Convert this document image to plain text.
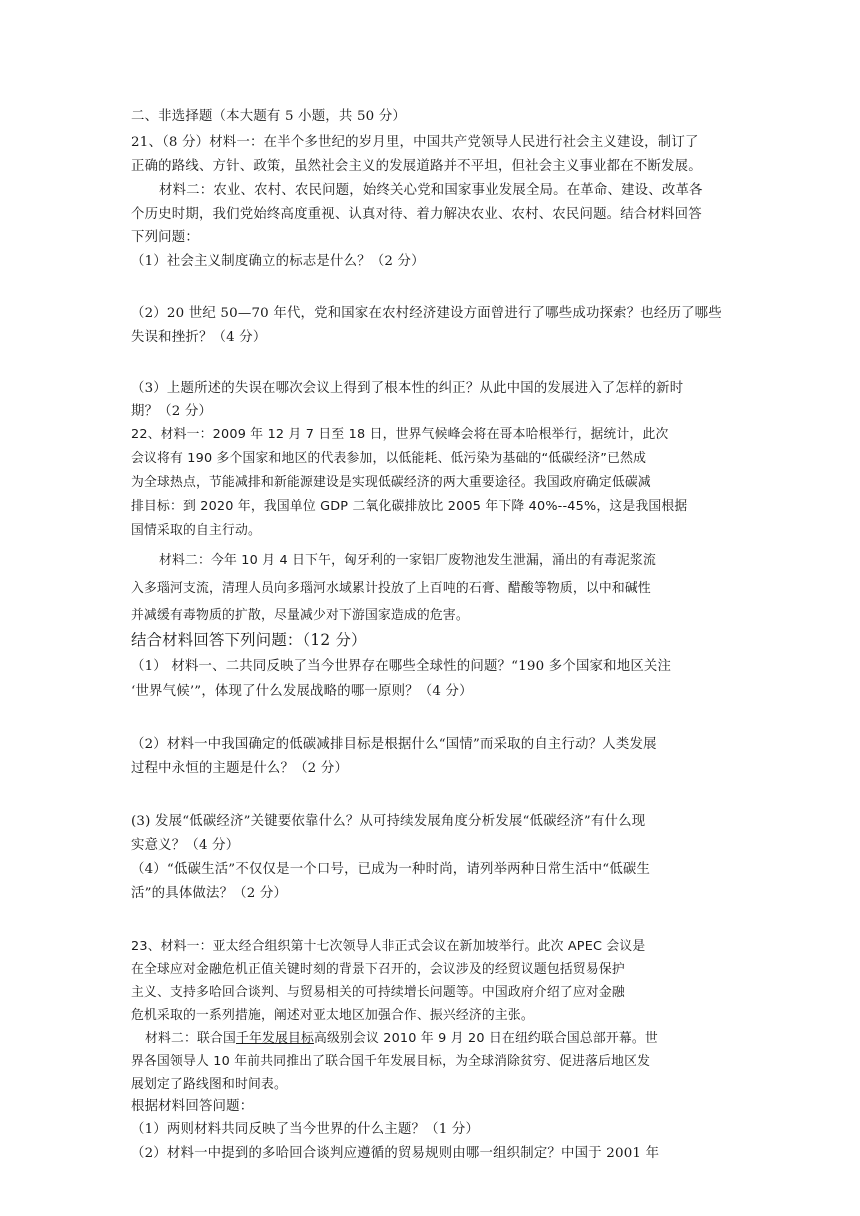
二、非选择题（本大题有 5 小题，共 50 分）
21、（8 分）材料一：在半个多世纪的岁月里，中国共产党领导人民进行社会主义建设，制订了
正确的路线、方针、政策，虽然社会主义的发展道路并不平坦，但社会主义事业都在不断发展。
材料二：农业、农村、农民问题，始终关心党和国家事业发展全局。在革命、建设、改革各
个历史时期，我们党始终高度重视、认真对待、着力解决农业、农村、农民问题。结合材料回答
下列问题：
（1）社会主义制度确立的标志是什么？（2 分）
（2）20 世纪 50—70 年代，党和国家在农村经济建设方面曾进行了哪些成功探索？也经历了哪些
失误和挫折？（4 分）
（3）上题所述的失误在哪次会议上得到了根本性的纠正？从此中国的发展进入了怎样的新时
期？（2 分）
22、材料一：2009 年 12 月 7 日至 18 日，世界气候峰会将在哥本哈根举行，据统计，此次
会议将有 190 多个国家和地区的代表参加，以低能耗、低污染为基础的“低碳经济”已然成
为全球热点，节能减排和新能源建设是实现低碳经济的两大重要途径。我国政府确定低碳减
排目标：到 2020 年，我国单位 GDP 二氧化碳排放比 2005 年下降 40%--45%，这是我国根据
国情采取的自主行动。
材料二：今年 10 月 4 日下午，匈牙利的一家铝厂废物池发生泄漏，涌出的有毒泥浆流
入多瑙河支流，清理人员向多瑙河水域累计投放了上百吨的石膏、醋酸等物质，以中和碱性
并减缓有毒物质的扩散，尽量减少对下游国家造成的危害。
结合材料回答下列问题：（12 分）
（1） 材料一、二共同反映了当今世界存在哪些全球性的问题？“190 多个国家和地区关注
‘世界气候’”，体现了什么发展战略的哪一原则？（4 分）
（2）材料一中我国确定的低碳减排目标是根据什么“国情”而采取的自主行动？人类发展
过程中永恒的主题是什么？（2 分）
(3) 发展“低碳经济”关键要依靠什么？从可持续发展角度分析发展“低碳经济”有什么现
实意义？（4 分）
（4）“低碳生活”不仅仅是一个口号，已成为一种时尚，请列举两种日常生活中“低碳生
活”的具体做法？（2 分）
23、材料一：亚太经合组织第十七次领导人非正式会议在新加坡举行。此次 APEC 会议是
在全球应对金融危机正值关键时刻的背景下召开的，会议涉及的经贸议题包括贸易保护
主义、支持多哈回合谈判、与贸易相关的可持续增长问题等。中国政府介绍了应对金融
危机采取的一系列措施，阐述对亚太地区加强合作、振兴经济的主张。
材料二：联合国千年发展目标高级别会议 2010 年 9 月 20 日在纽约联合国总部开幕。世
界各国领导人 10 年前共同推出了联合国千年发展目标，为全球消除贫穷、促进落后地区发
展划定了路线图和时间表。
根据材料回答问题：
（1）两则材料共同反映了当今世界的什么主题？（1 分）
（2）材料一中提到的多哈回合谈判应遵循的贸易规则由哪一组织制定？中国于 2001 年
